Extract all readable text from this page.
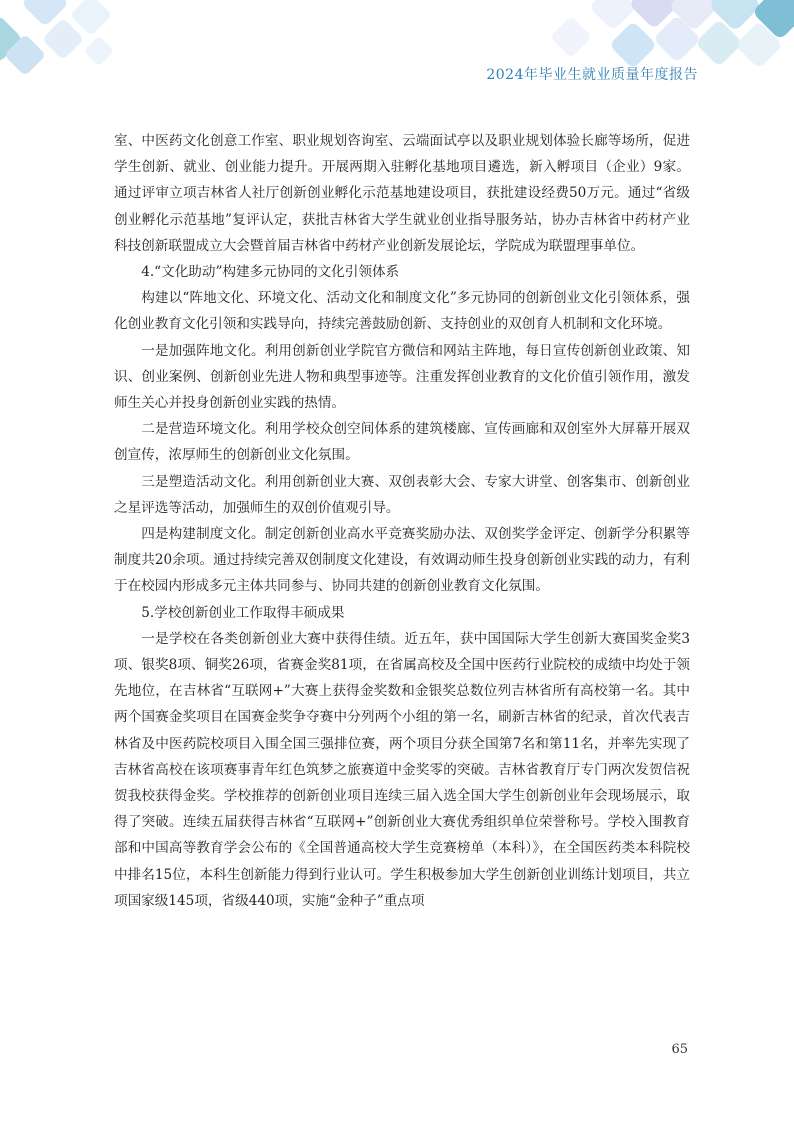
2024年毕业生就业质量年度报告

室、中医药文化创意工作室、职业规划咨询室、云端面试亭以及职业规划体验长廊等场所，促进学生创新、就业、创业能力提升。开展两期入驻孵化基地项目遴选，新入孵项目（企业）9家。通过评审立项吉林省人社厅创新创业孵化示范基地建设项目，获批建设经费50万元。通过“省级创业孵化示范基地”复评认定，获批吉林省大学生就业创业指导服务站，协办吉林省中药材产业科技创新联盟成立大会暨首届吉林省中药材产业创新发展论坛，学院成为联盟理事单位。

4.“文化助动”构建多元协同的文化引领体系

构建以“阵地文化、环境文化、活动文化和制度文化”多元协同的创新创业文化引领体系，强化创业教育文化引领和实践导向，持续完善鼓励创新、支持创业的双创育人机制和文化环境。

一是加强阵地文化。利用创新创业学院官方微信和网站主阵地，每日宣传创新创业政策、知识、创业案例、创新创业先进人物和典型事迹等。注重发挥创业教育的文化价值引领作用，激发师生关心并投身创新创业实践的热情。

二是营造环境文化。利用学校众创空间体系的建筑楼廊、宣传画廊和双创室外大屏幕开展双创宣传，浓厚师生的创新创业文化氛围。

三是塑造活动文化。利用创新创业大赛、双创表彰大会、专家大讲堂、创客集市、创新创业之星评选等活动，加强师生的双创价值观引导。

四是构建制度文化。制定创新创业高水平竞赛奖励办法、双创奖学金评定、创新学分积累等制度共20余项。通过持续完善双创制度文化建设，有效调动师生投身创新创业实践的动力，有利于在校园内形成多元主体共同参与、协同共建的创新创业教育文化氛围。

5.学校创新创业工作取得丰硕成果

一是学校在各类创新创业大赛中获得佳绩。近五年，获中国国际大学生创新大赛国奖金奖3项、银奖8项、铜奖26项，省赛金奖81项，在省属高校及全国中医药行业院校的成绩中均处于领先地位，在吉林省“互联网+”大赛上获得金奖数和金银奖总数位列吉林省所有高校第一名。其中两个国赛金奖项目在国赛金奖争夺赛中分列两个小组的第一名，刷新吉林省的纪录，首次代表吉林省及中医药院校项目入围全国三强排位赛，两个项目分获全国第7名和第11名，并率先实现了吉林省高校在该项赛事青年红色筑梦之旅赛道中金奖零的突破。吉林省教育厅专门两次发贺信祝贺我校获得金奖。学校推荐的创新创业项目连续三届入选全国大学生创新创业年会现场展示，取得了突破。连续五届获得吉林省“互联网+”创新创业大赛优秀组织单位荣誉称号。学校入围教育部和中国高等教育学会公布的《全国普通高校大学生竞赛榜单（本科）》，在全国医药类本科院校中排名15位，本科生创新能力得到行业认可。学生积极参加大学生创新创业训练计划项目，共立项国家级145项，省级440项，实施“金种子”重点项

65
